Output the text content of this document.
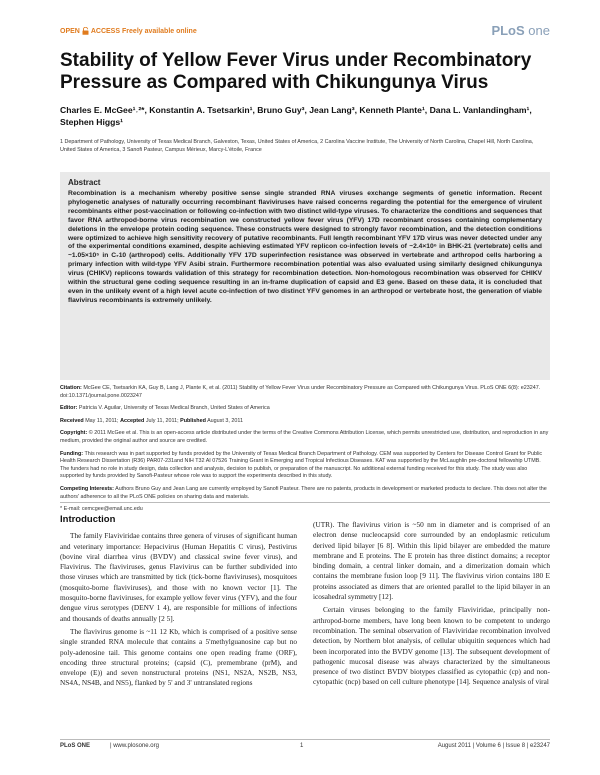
OPEN ACCESS Freely available online	PLoS one
Stability of Yellow Fever Virus under Recombinatory Pressure as Compared with Chikungunya Virus
Charles E. McGee¹˒²*, Konstantin A. Tsetsarkin¹, Bruno Guy³, Jean Lang³, Kenneth Plante¹, Dana L. Vanlandingham¹, Stephen Higgs¹
1 Department of Pathology, University of Texas Medical Branch, Galveston, Texas, United States of America, 2 Carolina Vaccine Institute, The University of North Carolina, Chapel Hill, North Carolina, United States of America, 3 Sanofi Pasteur, Campus Mérieux, Marcy-L'étoile, France
Abstract
Recombination is a mechanism whereby positive sense single stranded RNA viruses exchange segments of genetic information. Recent phylogenetic analyses of naturally occurring recombinant flaviviruses have raised concerns regarding the potential for the emergence of virulent recombinants either post-vaccination or following co-infection with two distinct wild-type viruses. To characterize the conditions and sequences that favor RNA arthropod-borne virus recombination we constructed yellow fever virus (YFV) 17D recombinant crosses containing complementary deletions in the envelope protein coding sequence. These constructs were designed to strongly favor recombination, and the detection conditions were optimized to achieve high sensitivity recovery of putative recombinants. Full length recombinant YFV 17D virus was never detected under any of the experimental conditions examined, despite achieving estimated YFV replicon co-infection levels of ~2.4×10⁶ in BHK-21 (vertebrate) cells and ~1.05×10⁵ in C₇10 (arthropod) cells. Additionally YFV 17D superinfection resistance was observed in vertebrate and arthropod cells harboring a primary infection with wild-type YFV Asibi strain. Furthermore recombination potential was also evaluated using similarly designed chikungunya virus (CHIKV) replicons towards validation of this strategy for recombination detection. Non-homologous recombination was observed for CHIKV within the structural gene coding sequence resulting in an in-frame duplication of capsid and E3 gene. Based on these data, it is concluded that even in the unlikely event of a high level acute co-infection of two distinct YFV genomes in an arthropod or vertebrate host, the generation of viable flavivirus recombinants is extremely unlikely.

Citation: McGee CE, Tsetsarkin KA, Guy B, Lang J, Plante K, et al. (2011) Stability of Yellow Fever Virus under Recombinatory Pressure as Compared with Chikungunya Virus. PLoS ONE 6(8): e23247. doi:10.1371/journal.pone.0023247

Editor: Patricia V. Aguilar, University of Texas Medical Branch, United States of America

Received May 11, 2011; Accepted July 11, 2011; Published August 3, 2011

Copyright: © 2011 McGee et al. This is an open-access article distributed under the terms of the Creative Commons Attribution License, which permits unrestricted use, distribution, and reproduction in any medium, provided the original author and source are credited.

Funding: This research was in part supported by funds provided by the University of Texas Medical Branch Department of Pathology. CEM was supported by Centers for Disease Control Grant for Public Health Research Dissertation (R36) PAR07-231and NIH T32 AI 07526 Training Grant in Emerging and Tropical Infectious Diseases. KAT was supported by the McLaughlin pre-doctoral fellowship UTMB. The funders had no role in study design, data collection and analysis, decision to publish, or preparation of the manuscript. No additional external funding received for this study. The study was also supported by funds provided by Sanofi-Pasteur whose role was to support the experiments described in this study.

Competing Interests: Authors Bruno Guy and Jean Lang are currently employed by Sanofi Pasteur. There are no patents, products in development or marketed products to declare. This does not alter the authors' adherence to all the PLoS ONE policies on sharing data and materials.

* E-mail: cemcgee@email.unc.edu

Introduction

The family Flaviviridae contains three genera of viruses of significant human and veterinary importance: Hepacivirus (Human Hepatitis C virus), Pestivirus (bovine viral diarrhea virus (BVDV) and classical swine fever virus), and Flavivirus. The flaviviruses, genus Flavivirus can be further subdivided into those viruses which are transmitted by tick (tick-borne flaviviruses), mosquitoes (mosquito-borne flaviviruses), and those with no known vector [1]. The mosquito-borne flaviviruses, for example yellow fever virus (YFV), and the four dengue virus serotypes (DENV 1 4), are responsible for millions of infections and thousands of deaths annually [2 5].

The flavivirus genome is ~11 12 Kb, which is comprised of a positive sense single stranded RNA molecule that contains a 5'methylguanosine cap but no poly-adenosine tail. This genome contains one open reading frame (ORF), encoding three structural proteins; (capsid (C), premembrane (prM), and envelope (E)) and seven nonstructural proteins (NS1, NS2A, NS2B, NS3, NS4A, NS4B, and NS5), flanked by 5' and 3' untranslated regions

(UTR). The flavivirus virion is ~50 nm in diameter and is comprised of an electron dense nucleocapsid core surrounded by an endoplasmic reticulum derived lipid bilayer [6 8]. Within this lipid bilayer are embedded the mature membrane and E proteins. The E protein has three distinct domains; a receptor binding domain, a central linker domain, and a dimerization domain which contains the membrane fusion loop [9 11]. The flavivirus virion contains 180 E proteins associated as dimers that are oriented parallel to the lipid bilayer in an icosahedral symmetry [12].

Certain viruses belonging to the family Flaviviridae, principally non-arthropod-borne members, have long been known to be competent to undergo recombination. The seminal observation of Flaviviridae recombination involved detection, by Northern blot analysis, of cellular ubiquitin sequences which had been incorporated into the BVDV genome [13]. The subsequent development of pathogenic mucosal disease was always characterized by the simultaneous presence of two distinct BVDV biotypes classified as cytopathic (cp) and non-cytopathic (ncp) based on cell culture phenotype [14]. Sequence analysis of viral

PLoS ONE	| www.plosone.org	1	August 2011 | Volume 6 | Issue 8 | e23247
